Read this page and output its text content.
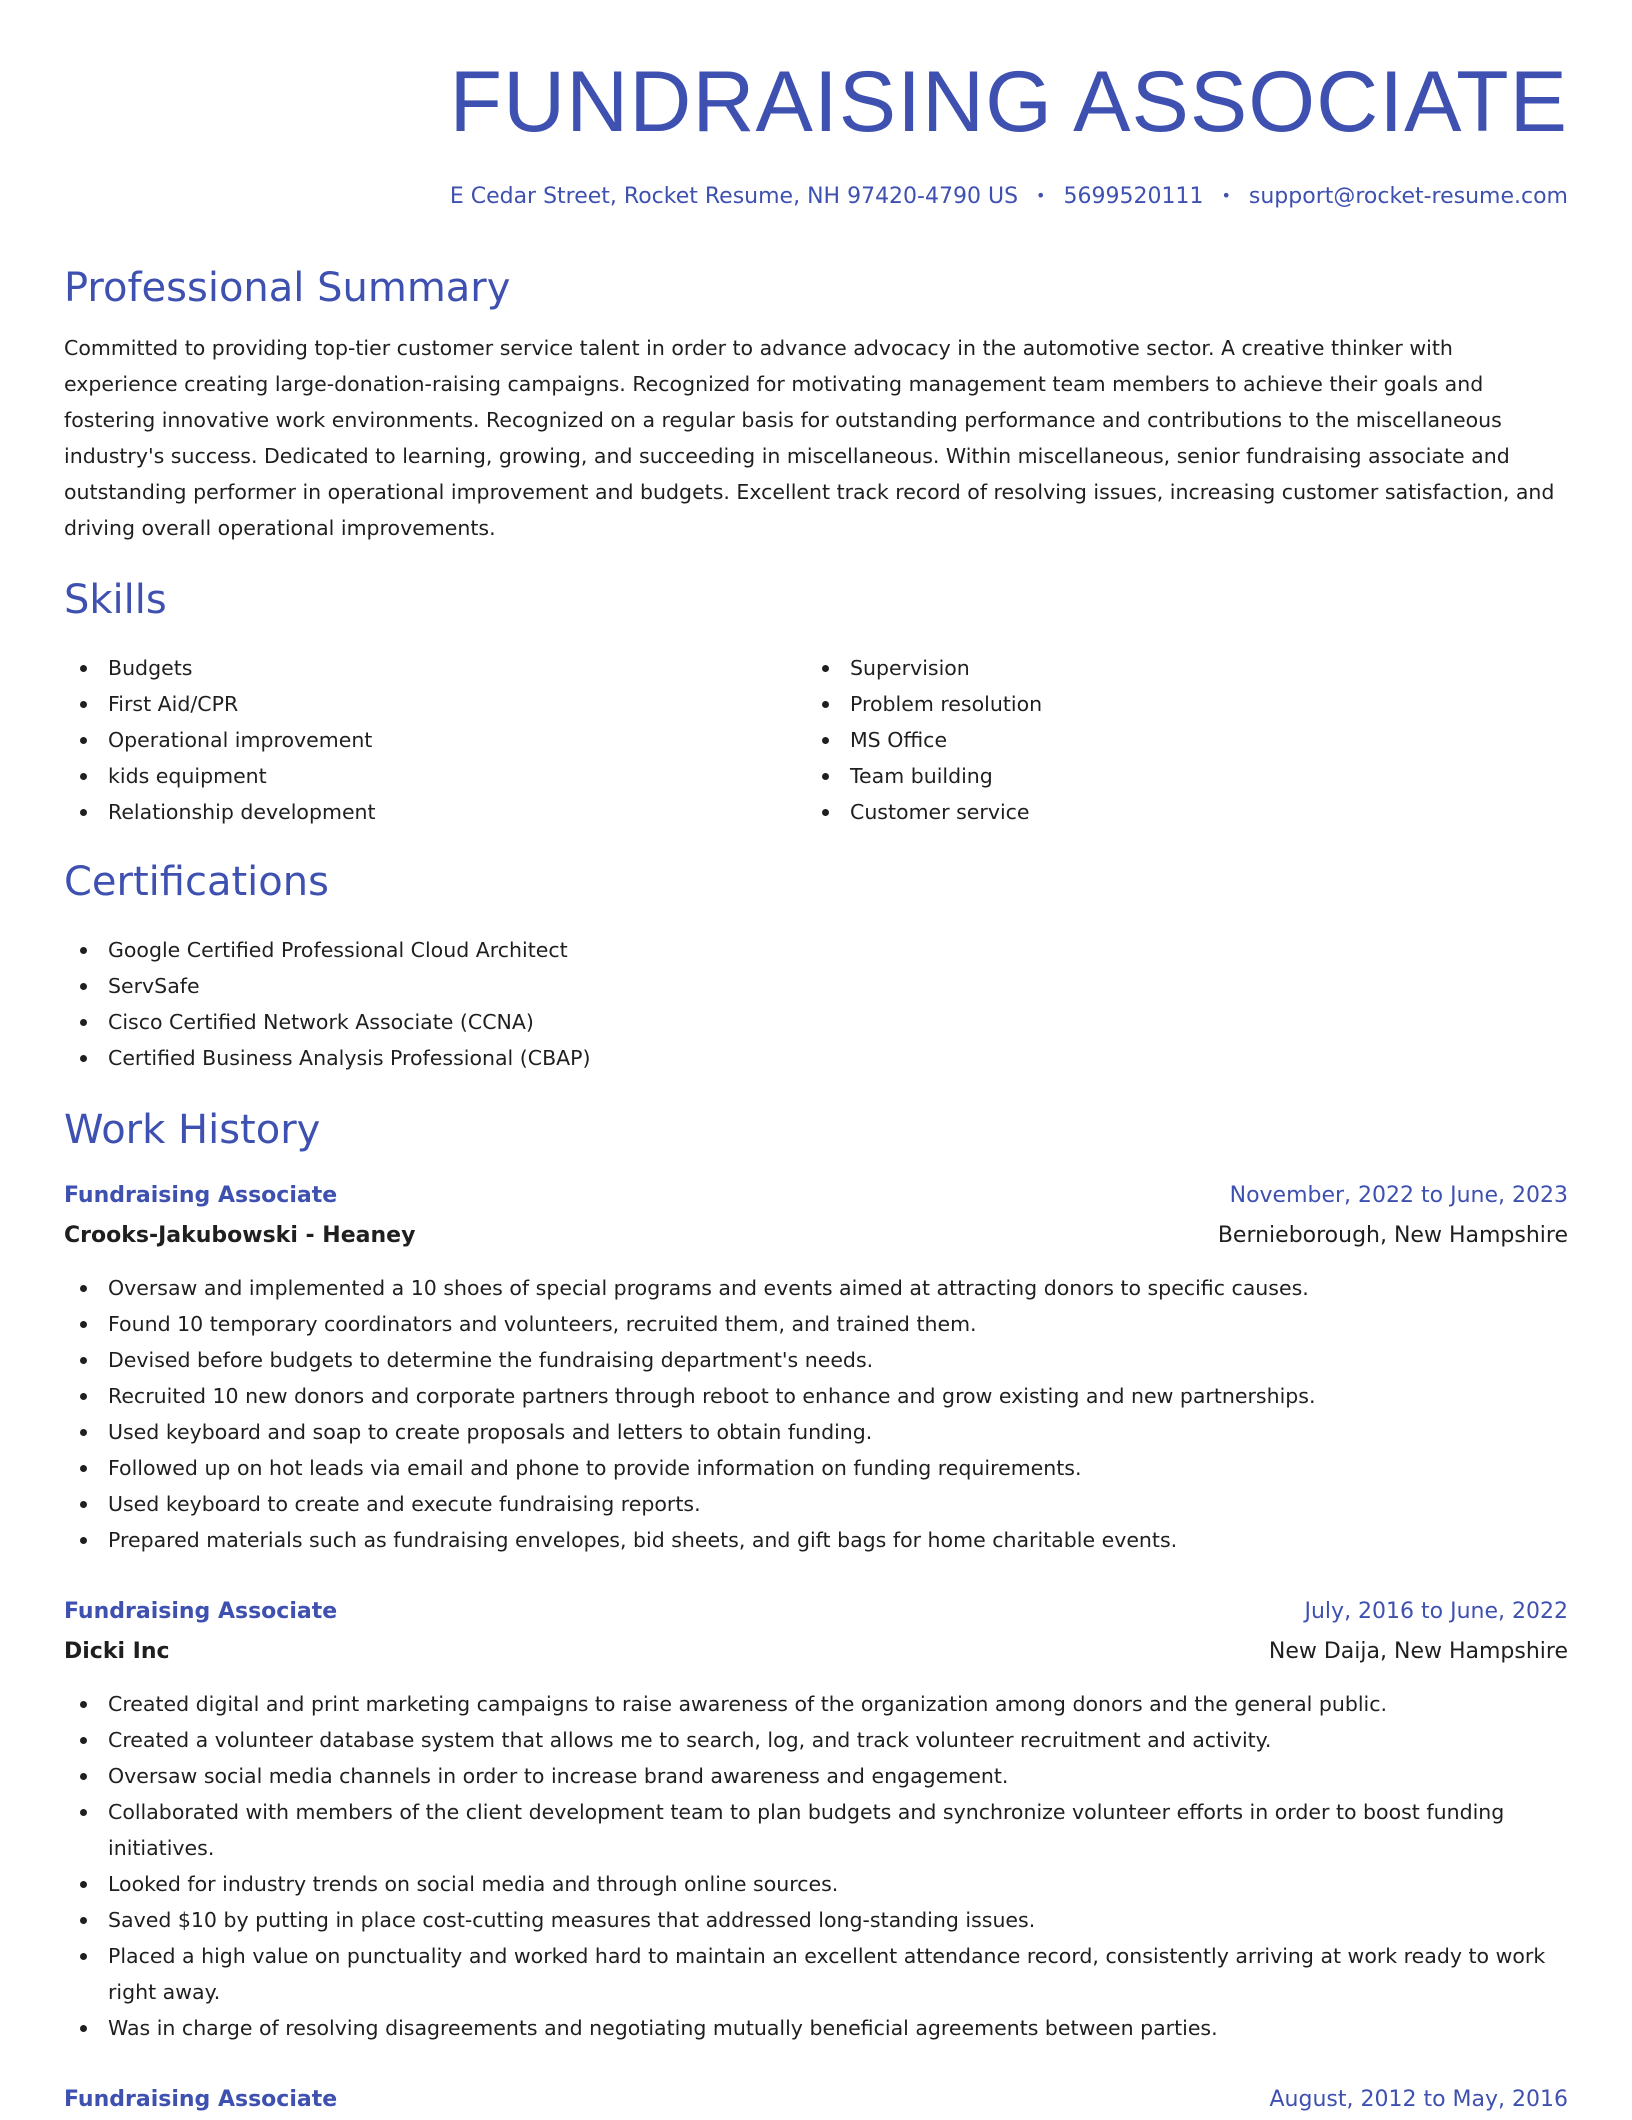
FUNDRAISING ASSOCIATE
E Cedar Street, Rocket Resume, NH 97420-4790 US • 5699520111 • support@rocket-resume.com
Professional Summary

Committed to providing top-tier customer service talent in order to advance advocacy in the automotive sector. A creative thinker with experience creating large-donation-raising campaigns. Recognized for motivating management team members to achieve their goals and fostering innovative work environments. Recognized on a regular basis for outstanding performance and contributions to the miscellaneous industry's success. Dedicated to learning, growing, and succeeding in miscellaneous. Within miscellaneous, senior fundraising associate and outstanding performer in operational improvement and budgets. Excellent track record of resolving issues, increasing customer satisfaction, and driving overall operational improvements.

Skills
Budgets
First Aid/CPR
Operational improvement
kids equipment
Relationship development
Supervision
Problem resolution
MS Office
Team building
Customer service
Certifications
Google Certified Professional Cloud Architect
ServSafe
Cisco Certified Network Associate (CCNA)
Certified Business Analysis Professional (CBAP)
Work History
Fundraising Associate	November, 2022 to June, 2023
Crooks-Jakubowski - Heaney	Bernieborough, New Hampshire
Oversaw and implemented a 10 shoes of special programs and events aimed at attracting donors to specific causes.
Found 10 temporary coordinators and volunteers, recruited them, and trained them.
Devised before budgets to determine the fundraising department's needs.
Recruited 10 new donors and corporate partners through reboot to enhance and grow existing and new partnerships.
Used keyboard and soap to create proposals and letters to obtain funding.
Followed up on hot leads via email and phone to provide information on funding requirements.
Used keyboard to create and execute fundraising reports.
Prepared materials such as fundraising envelopes, bid sheets, and gift bags for home charitable events.
Fundraising Associate	July, 2016 to June, 2022
Dicki Inc	New Daija, New Hampshire
Created digital and print marketing campaigns to raise awareness of the organization among donors and the general public.
Created a volunteer database system that allows me to search, log, and track volunteer recruitment and activity.
Oversaw social media channels in order to increase brand awareness and engagement.
Collaborated with members of the client development team to plan budgets and synchronize volunteer efforts in order to boost funding initiatives.
Looked for industry trends on social media and through online sources.
Saved $10 by putting in place cost-cutting measures that addressed long-standing issues.
Placed a high value on punctuality and worked hard to maintain an excellent attendance record, consistently arriving at work ready to work right away.
Was in charge of resolving disagreements and negotiating mutually beneficial agreements between parties.
Fundraising Associate	August, 2012 to May, 2016
